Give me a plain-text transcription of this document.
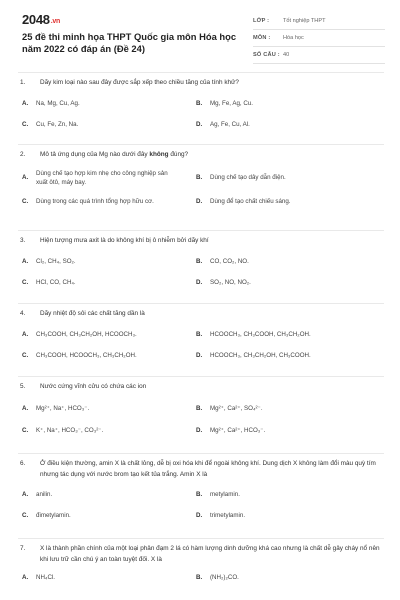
2048.vn
25 đề thi minh họa THPT Quốc gia môn Hóa học năm 2022 có đáp án (Đề 24)
LỚP :	Tốt nghiệp THPT
MÔN :	Hóa học
SỐ CÂU : 40
1.	Dãy kim loại nào sau đây được sắp xếp theo chiều tăng của tính khử?
A.	Na, Mg, Cu, Ag.	B.	Mg, Fe, Ag, Cu.
C.	Cu, Fe, Zn, Na.	D.	Ag, Fe, Cu, Al.
2.	Mô tả ứng dụng của Mg nào dưới đây không đúng?
A.
Dùng chế tạo hợp kim nhẹ cho công nghiệp sản xuất ôtô, máy bay.
B.	Dùng chế tạo dây dẫn điện.
C.	Dùng trong các quá trình tổng hợp hữu cơ.	D.	Dùng để tạo chất chiếu sáng.
3.	Hiện tượng mưa axit là do không khí bị ô nhiễm bởi dãy khí
A.	Cl₂, CH₄, SO₂.	B.	CO, CO₂, NO.
C.	HCl, CO, CH₄.	D.	SO₂, NO, NO₂.
4.	Dãy nhiệt độ sôi các chất tăng dần là
A.	CH₃COOH, CH₃CH₂OH, HCOOCH₃.	B.	HCOOCH₃, CH₃COOH, CH₃CH₂OH.
C.	CH₃COOH, HCOOCH₃, CH₃CH₂OH.	D.	HCOOCH₃, CH₃CH₂OH, CH₃COOH.
5.	Nước cứng vĩnh cửu có chứa các ion
A.	Mg²⁺, Na⁺, HCO₃⁻.	B.	Mg²⁺, Ca²⁺, SO₄²⁻.
C.	K⁺, Na⁺, HCO₃⁻, CO₃²⁻.	D.	Mg²⁺, Ca²⁺, HCO₃⁻.
6.	Ở điều kiện thường, amin X là chất lỏng, dễ bị oxi hóa khi để ngoài không khí. Dung dịch X không làm đổi màu quỳ tím nhưng tác dụng với nước brom tạo kết tủa trắng. Amin X là
A.	anilin.	B.	metylamin.
C.	đimetylamin.	D.	trimetylamin.
7.	X là thành phần chính của một loại phân đạm 2 lá có hàm lượng dinh dưỡng khá cao nhưng là chất dễ gây cháy nổ nên khi lưu trữ cần chú ý an toàn tuyệt đối. X là
A.	NH₄Cl.	B.	(NH₂)₂CO.
